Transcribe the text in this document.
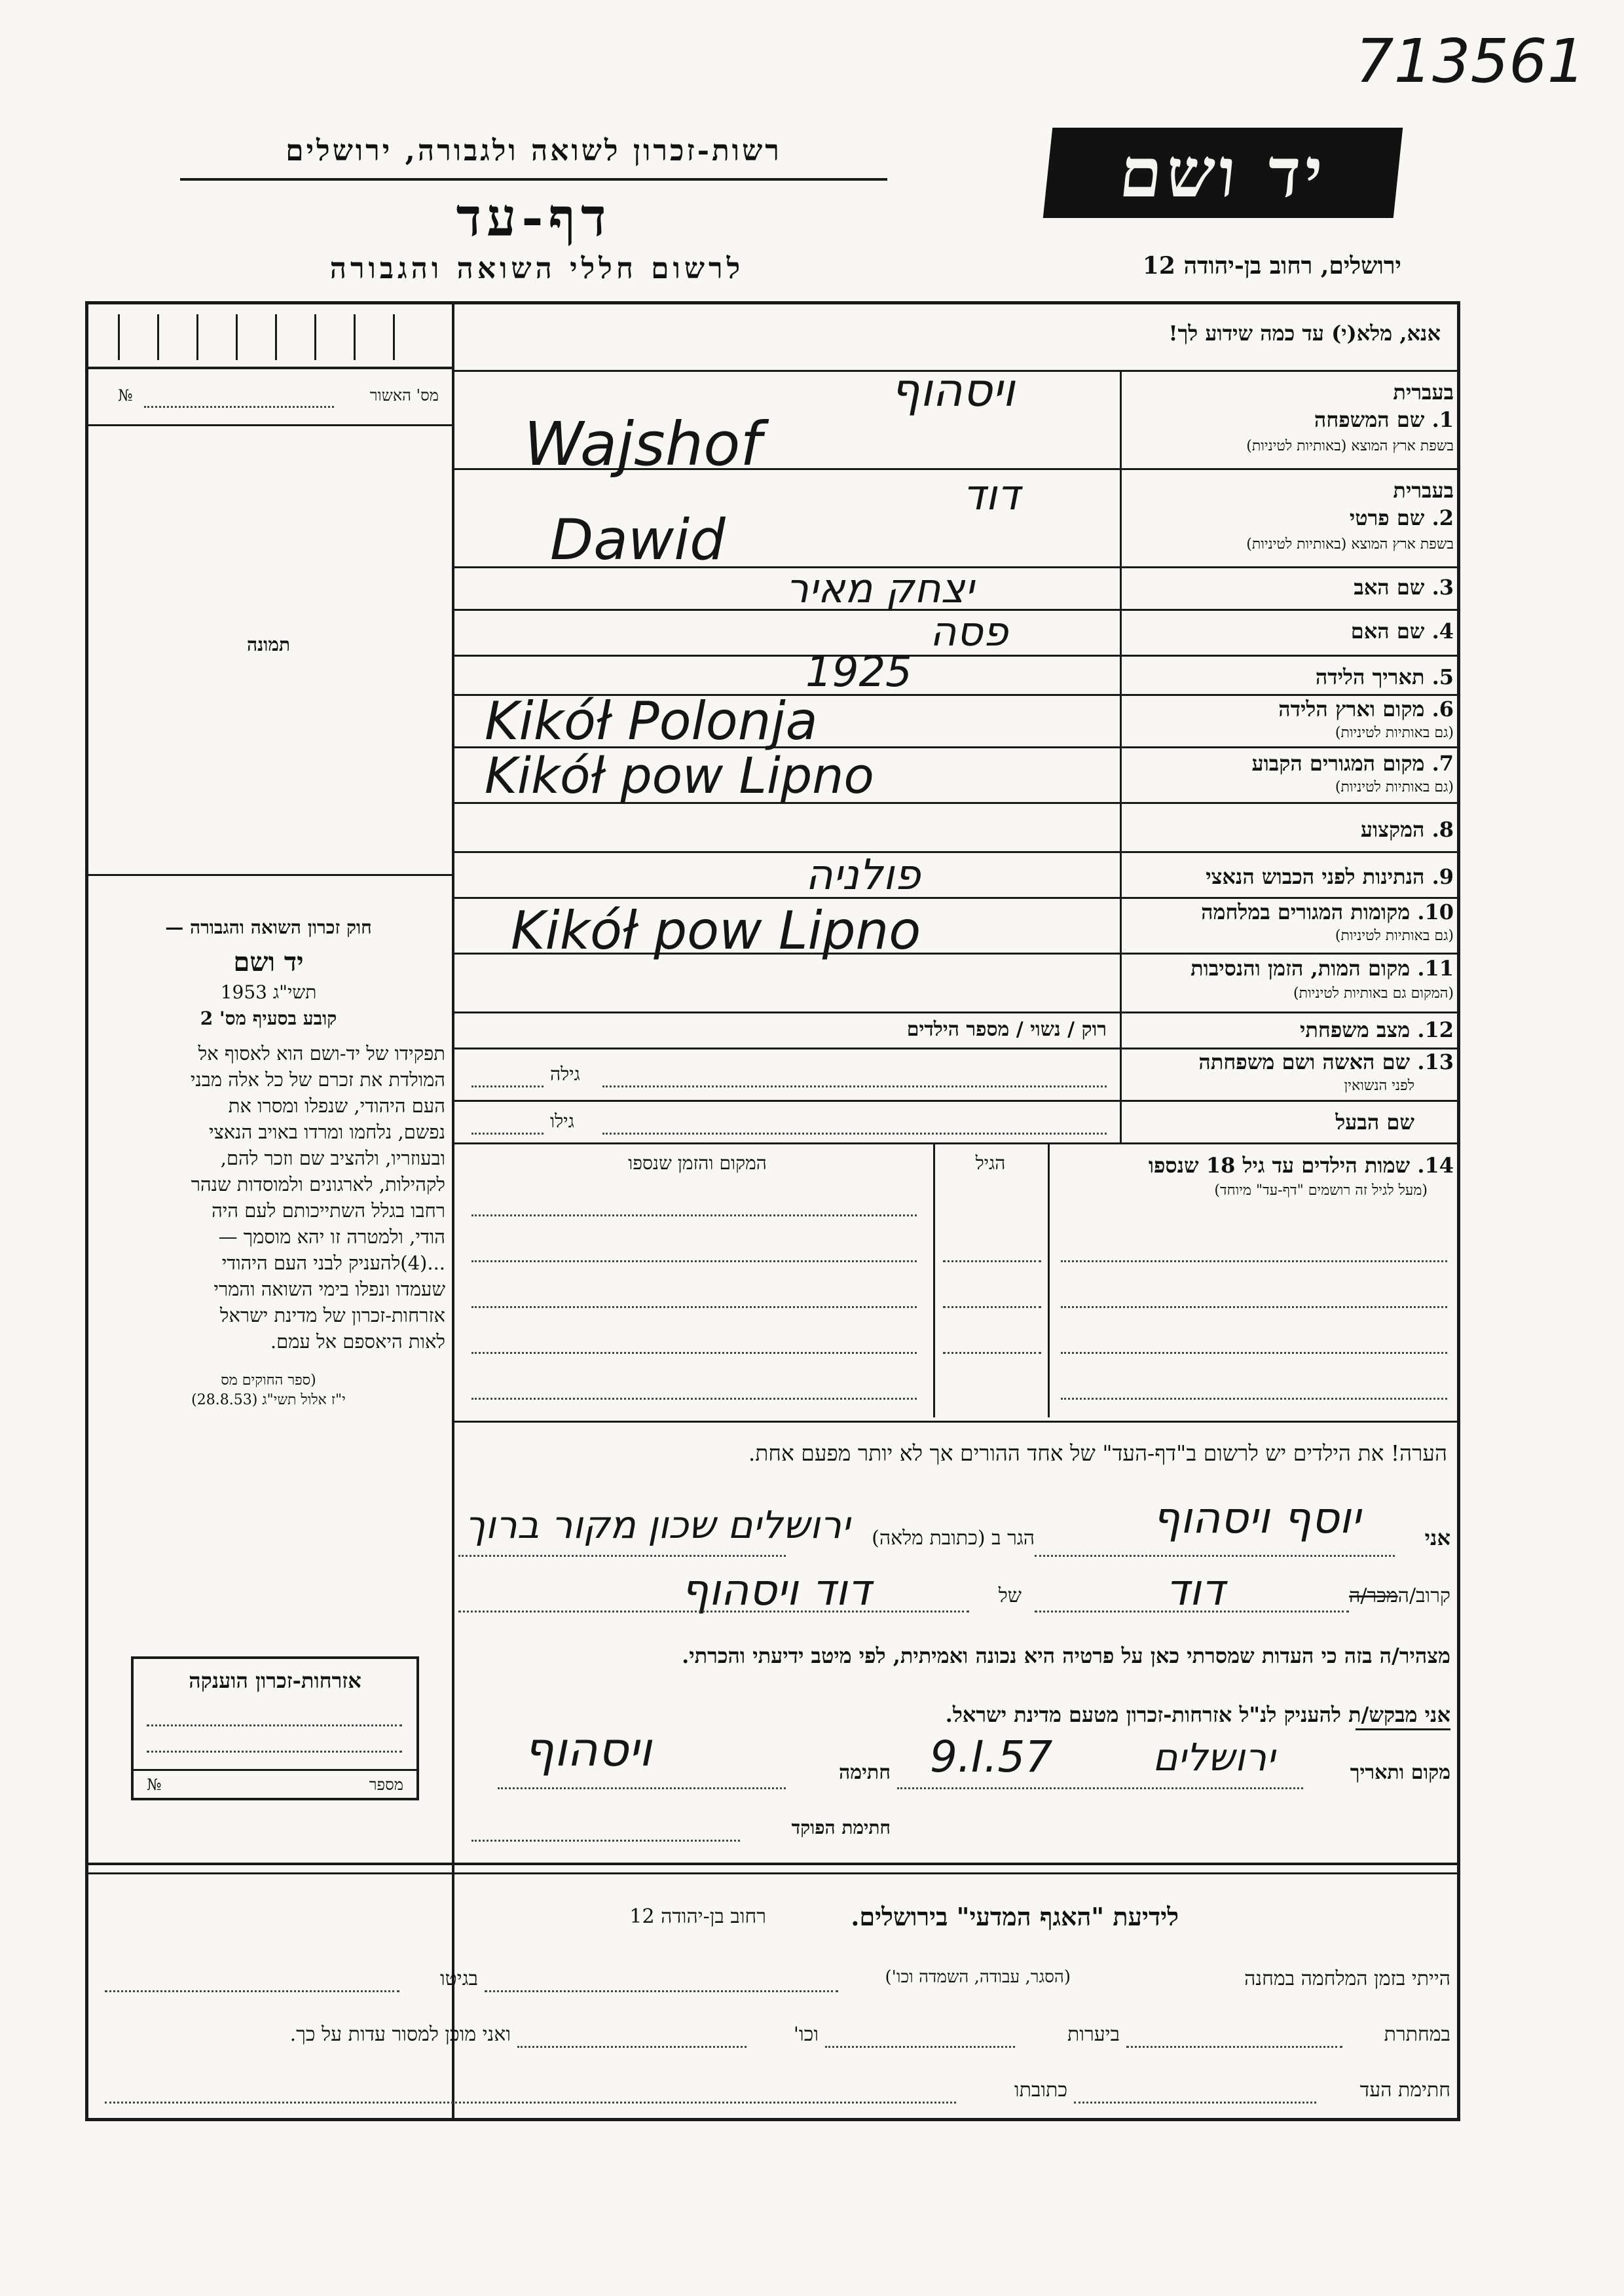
713561
רשות-זכרון לשואה ולגבורה, ירושלים
דף-עד
לרשום חללי השואה והגבורה
יד ושם
ירושלים, רחוב בן-יהודה 12
אנא, מלא(י) עד כמה שידוע לך!
מס' האשור
№
תמונה
חוק זכרון השואה והגבורה —
יד ושם
תשי"ג 1953
קובע בסעיף מס' 2
תפקידו של יד-ושם הוא לאסוף אל
המולדת את זכרם של כל אלה מבני
העם היהודי, שנפלו ומסרו את
נפשם, נלחמו ומרדו באויב הנאצי
ובעוזריו, ולהציב שם וזכר להם,
לקהילות, לארגונים ולמוסדות שנהר
רחבו בגלל השתייכותם לעם היה
הודי, ולמטרה זו יהא מוסמך —
...(4)להעניק לבני העם היהודי
שעמדו ונפלו בימי השואה והמרי
אזרחות-זכרון של מדינת ישראל
לאות היאספם אל עמם.
(ספר החוקים מס
י"ז אלול תשי"ג (28.8.53)
בעברית
1. שם המשפחה
בשפת ארץ המוצא (באותיות לטיניות)
בעברית
2. שם פרטי
בשפת ארץ המוצא (באותיות לטיניות)
3. שם האב
4. שם האם
5. תאריך הלידה
6. מקום וארץ הלידה
(גם באותיות לטיניות)
7. מקום המגורים הקבוע
(גם באותיות לטיניות)
8. המקצוע
9. הנתינות לפני הכבוש הנאצי
10. מקומות המגורים במלחמה
(גם באותיות לטיניות)
11. מקום המות, הזמן והנסיבות
(המקום גם באותיות לטיניות)
12. מצב משפחתי
13. שם האשה ושם משפחתה
לפני הנשואין
שם הבעל
ויסהוף
Wajshof
דוד
Dawid
יצחק מאיר
פסה
1925
Kikół Polonja
Kikół pow Lipno
פולניה
Kikół pow Lipno
רוק / נשוי / מספר הילדים
גילה
גילו
14. שמות הילדים עד גיל 18 שנספו
(מעל לגיל זה רושמים "דף-עד" מיוחד)
הגיל
המקום והזמן שנספו
הערה! את הילדים יש לרשום ב"דף-העד" של אחד ההורים אך לא יותר מפעם אחת.
אני
יוסף ויסהוף
הגר ב (כתובת מלאה)
ירושלים שכון מקור ברוך
קרוב/המכר/ה
דוד
של
דוד ויסהוף
מצהיר/ה בזה כי העדות שמסרתי כאן על פרטיה היא נכונה ואמיתית, לפי מיטב ידיעתי והכרתי.
אני מבקש/ת להעניק לנ"ל אזרחות-זכרון מטעם מדינת ישראל.
מקום ותאריך
ירושלים
9.I.57
חתימה
ויסהוף
חתימת הפוקד
אזרחות-זכרון הוענקה
מספר
№
לידיעת "האגף המדעי" בירושלים.
רחוב בן-יהודה 12
הייתי בזמן המלחמה במחנה
(הסגר, עבודה, השמדה וכו')
בגיטו
במחתרת
ביערות
וכו'
ואני מוכן למסור עדות על כך.
חתימת העד
כתובתו
